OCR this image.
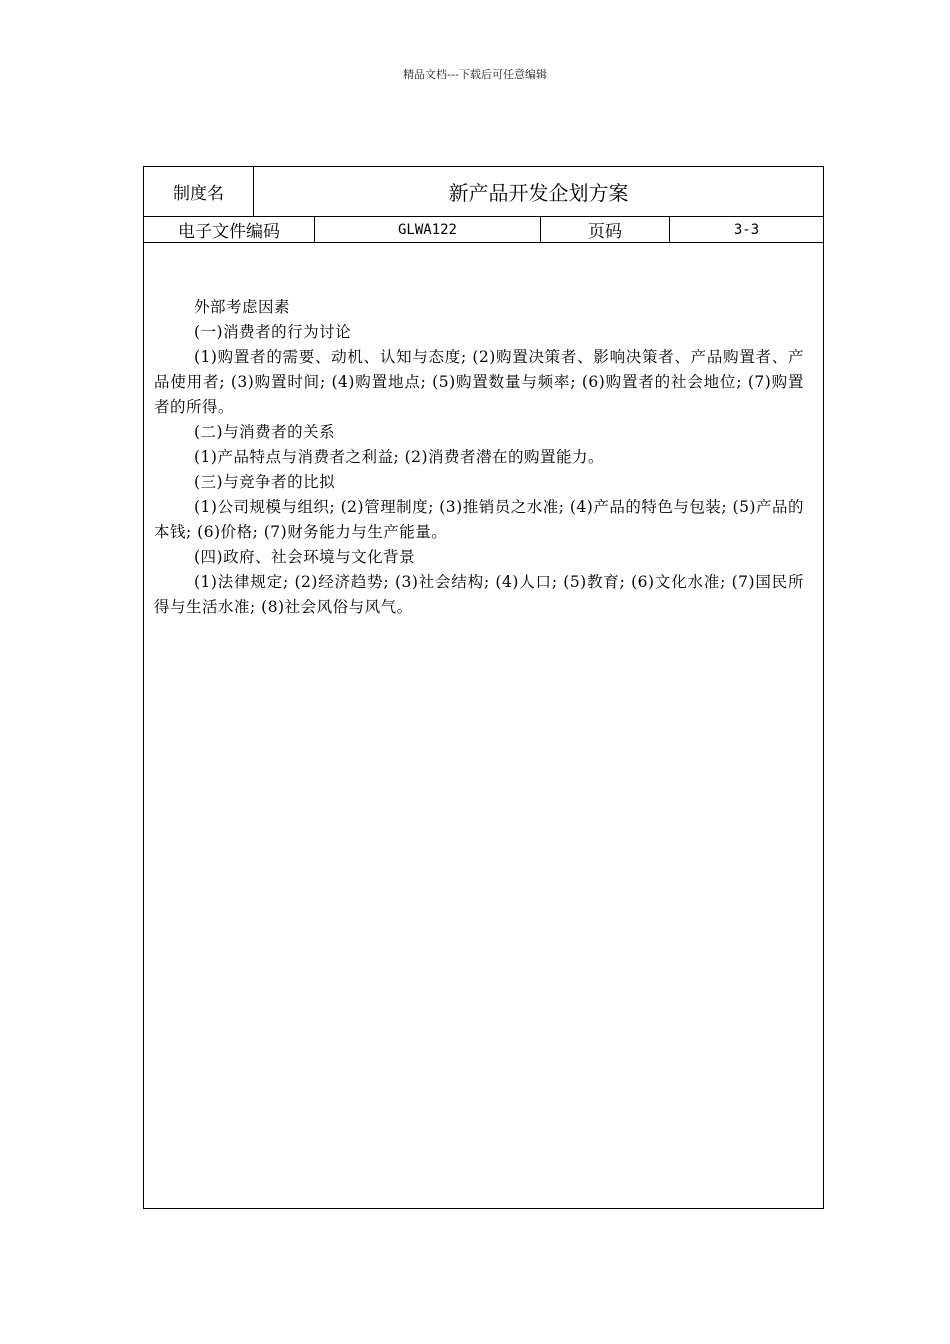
精品文档---下载后可任意编辑
制度名	新产品开发企划方案
电子文件编码	GLWA122	页码	3-3

外部考虑因素

(一)消费者的行为讨论

(1)购置者的需要、动机、认知与态度; (2)购置决策者、影响决策者、产品购置者、产品使用者; (3)购置时间; (4)购置地点; (5)购置数量与频率; (6)购置者的社会地位; (7)购置者的所得。

(二)与消费者的关系

(1)产品特点与消费者之利益; (2)消费者潜在的购置能力。

(三)与竞争者的比拟

(1)公司规模与组织; (2)管理制度; (3)推销员之水准; (4)产品的特色与包装; (5)产品的本钱; (6)价格; (7)财务能力与生产能量。

(四)政府、社会环境与文化背景

(1)法律规定; (2)经济趋势; (3)社会结构; (4)人口; (5)教育; (6)文化水准; (7)国民所得与生活水准; (8)社会风俗与风气。
